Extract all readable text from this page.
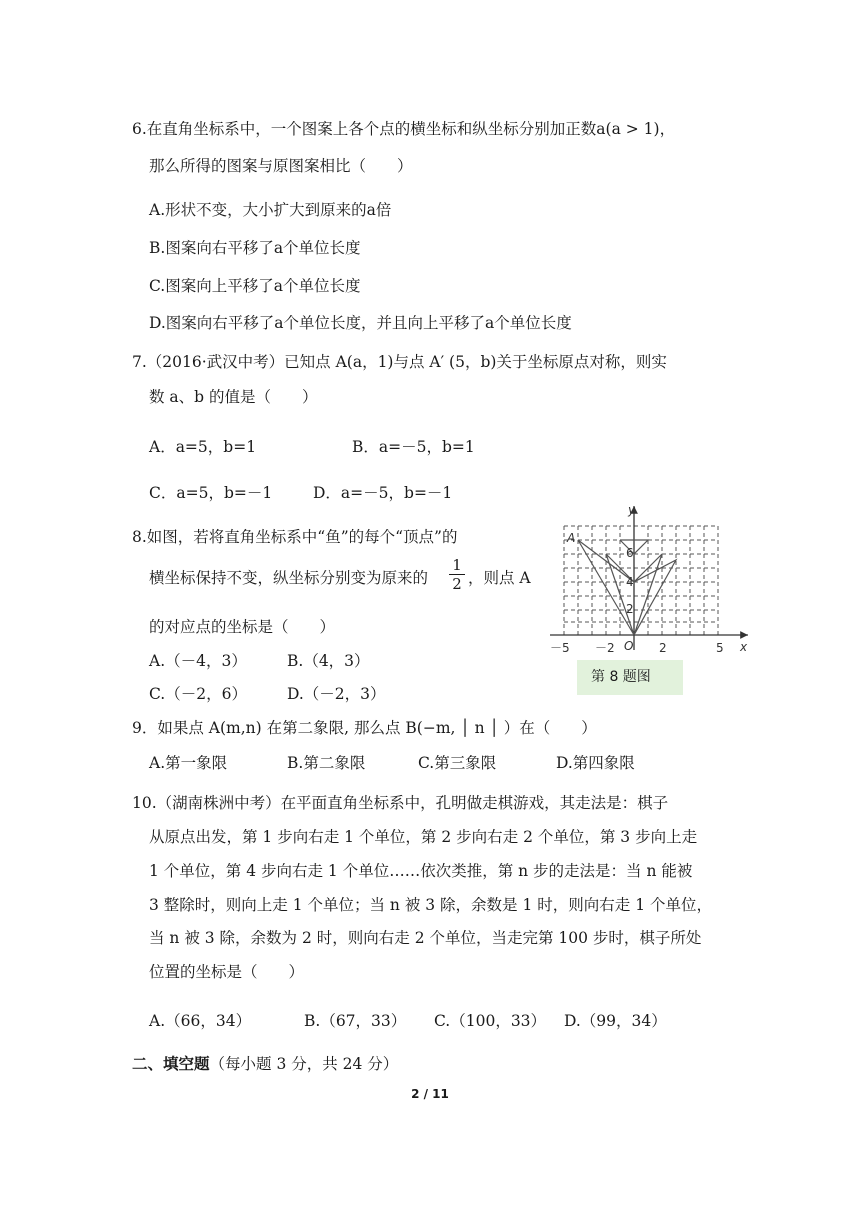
6.在直角坐标系中，一个图案上各个点的横坐标和纵坐标分别加正数a(a > 1)，
那么所得的图案与原图案相比（　　）
A.形状不变，大小扩大到原来的a倍
B.图案向右平移了a个单位长度
C.图案向上平移了a个单位长度
D.图案向右平移了a个单位长度，并且向上平移了a个单位长度
7.（2016·武汉中考）已知点 A(a，1)与点 A′ (5，b)关于坐标原点对称，则实
数 a、b 的值是（　　）
A．a=5，b=1	B．a=－5，b=1
C．a=5，b=－1	D．a=－5，b=－1
8.如图，若将直角坐标系中“鱼”的每个“顶点”的
横坐标保持不变，纵坐标分别变为原来的 $\frac{1}{2}$ ，则点 A
的对应点的坐标是（　　）
A.（－4，3）	B.（4，3）
C.（－2，6）	D.（－2，3）
y
x
O
A
－5 －2	2	5
2
4
6
第 8 题图
9．如果点 A(m,n) 在第二象限, 那么点 B(−m, │ n │ ）在（　　）
A.第一象限	B.第二象限	C.第三象限	D.第四象限
10.（湖南株洲中考）在平面直角坐标系中，孔明做走棋游戏，其走法是：棋子
从原点出发，第 1 步向右走 1 个单位，第 2 步向右走 2 个单位，第 3 步向上走
1 个单位，第 4 步向右走 1 个单位……依次类推，第 n 步的走法是：当 n 能被
3 整除时，则向上走 1 个单位；当 n 被 3 除，余数是 1 时，则向右走 1 个单位，
当 n 被 3 除，余数为 2 时，则向右走 2 个单位，当走完第 100 步时，棋子所处
位置的坐标是（　　）
A.（66，34）	B.（67，33） C.（100，33） D.（99，34）
二、填空题（每小题 3 分，共 24 分）
2 / 11
